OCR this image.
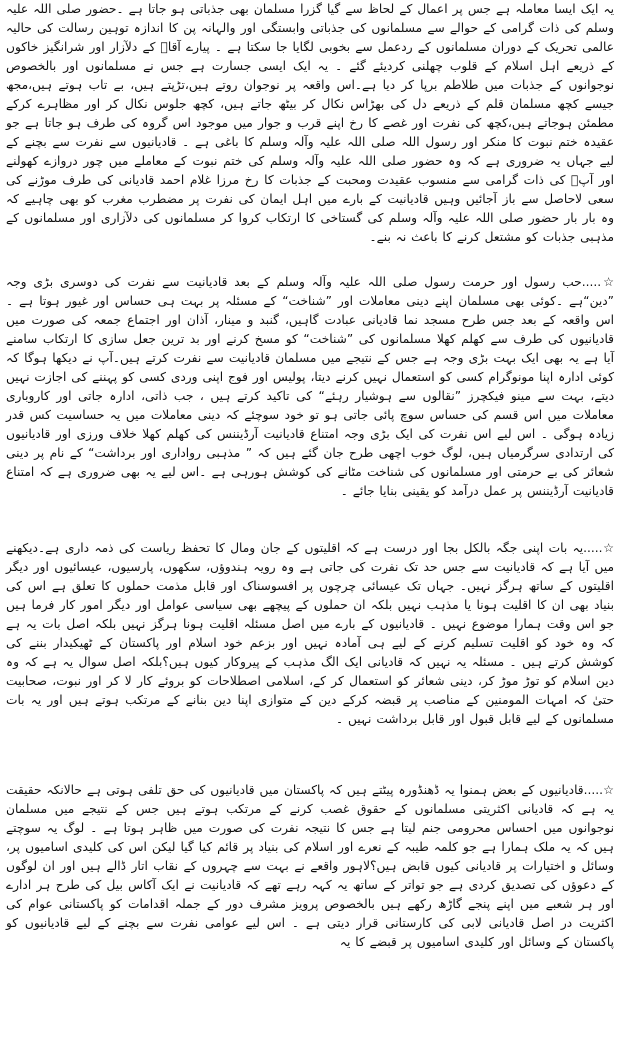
یہ ایک ایسا معاملہ ہے جس پر اعمال کے لحاظ سے گیا گزرا مسلمان بھی جذباتی ہو جاتا ہے ۔حضور صلی اللہ علیہ وسلم کی ذات گرامی کے حوالے سے مسلمانوں کی جذباتی وابستگی اور والہانہ پن کا اندازہ توہین رسالت کی حالیہ عالمی تحریک کے دوران مسلمانوں کے ردعمل سے بخوبی لگایا جا سکتا ہے ۔ پیارے آقاﷺ کے دلآزار اور شرانگیز خاکوں کے ذریعے اہل اسلام کے قلوب چھلنی کردیئے گئے ۔ یہ ایک ایسی جسارت ہے جس نے مسلمانوں اور بالخصوص نوجوانوں کے جذبات میں طلاطم برپا کر دیا ہے۔اس واقعہ پر نوجوان روتے ہیں،تڑپتے ہیں، بے تاب ہوتے ہیں،مجھ جیسے کچھ مسلمان قلم کے ذریعے دل کی بھڑاس نکال کر بیٹھ جاتے ہیں، کچھ جلوس نکال کر اور مظاہرے کرکے مطمئن ہوجاتے ہیں،کچھ کی نفرت اور غصے کا رخ اپنے قرب و جوار میں موجود اس گروہ کی طرف ہو جاتا ہے جو عقیدہ ختم نبوت کا منکر اور رسول اللہ صلی اللہ علیہ وآلہ وسلم کا باغی ہے ۔ قادیانیوں سے نفرت سے بچنے کے لیے جہاں یہ ضروری ہے کہ وہ حضور صلی اللہ علیہ وآلہ وسلم کی ختم نبوت کے معاملے میں چور دروازے کھولنے اور آپؐ کی ذات گرامی سے منسوب عقیدت ومحبت کے جذبات کا رخ مرزا غلام احمد قادیانی کی طرف موڑنے کی سعی لاحاصل سے باز آجائیں وہیں قادیانیت کے بارے میں اہل ایمان کی نفرت پر مضطرب مغرب کو بھی چاہیے کہ وہ بار بار حضور صلی اللہ علیہ وآلہ وسلم کی گستاخی کا ارتکاب کروا کر مسلمانوں کی دلآزاری اور مسلمانوں کے مذہبی جذبات کو مشتعل کرنے کا باعث نہ بنے۔

☆.....حب رسول اور حرمت رسول صلی اللہ علیہ وآلہ وسلم کے بعد قادیانیت سے نفرت کی دوسری بڑی وجہ ”دین“ہے ۔کوئی بھی مسلمان اپنے دینی معاملات اور ”شناخت“ کے مسئلہ پر بہت ہی حساس اور غیور ہوتا ہے ۔ اس واقعہ کے بعد جس طرح مسجد نما قادیانی عبادت گاہیں، گنبد و مینار، آذان اور اجتماع جمعہ کی صورت میں قادیانیوں کی طرف سے کھلم کھلا مسلمانوں کی ”شناخت“ کو مسخ کرنے اور بد ترین جعل سازی کا ارتکاب سامنے آیا ہے یہ بھی ایک بہت بڑی وجہ ہے جس کے نتیجے میں مسلمان قادیانیت سے نفرت کرتے ہیں۔آپ نے دیکھا ہوگا کہ کوئی ادارہ اپنا مونوگرام کسی کو استعمال نہیں کرنے دیتا، پولیس اور فوج اپنی وردی کسی کو پہننے کی اجازت نہیں دیتے، بہت سے مینو فیکچرز ”نقالوں سے ہوشیار رہئے“ کی تاکید کرتے ہیں ، جب ذاتی، ادارہ جاتی اور کاروباری معاملات میں اس قسم کی حساس سوچ پائی جاتی ہو تو خود سوچئے کہ دینی معاملات میں یہ حساسیت کس قدر زیادہ ہوگی ۔ اس لیے اس نفرت کی ایک بڑی وجہ امتناع قادیانیت آرڈیننس کی کھلم کھلا خلاف ورزی اور قادیانیوں کی ارتدادی سرگرمیاں ہیں، لوگ خوب اچھی طرح جان گئے ہیں کہ ” مذہبی رواداری اور برداشت“ کے نام پر دینی شعائر کی بے حرمتی اور مسلمانوں کی شناخت مٹانے کی کوشش ہورہی ہے ۔اس لیے یہ بھی ضروری ہے کہ امتناع قادیانیت آرڈیننس پر عمل درآمد کو یقینی بنایا جائے ۔

☆.....یہ بات اپنی جگہ بالکل بجا اور درست ہے کہ اقلیتوں کے جان ومال کا تحفظ ریاست کی ذمہ داری ہے۔دیکھنے میں آیا ہے کہ قادیانیت سے جس حد تک نفرت کی جاتی ہے وہ رویہ ہندوؤں، سکھوں، پارسیوں، عیسائیوں اور دیگر اقلیتوں کے ساتھ ہرگز نہیں۔ جہاں تک عیسائی چرچوں پر افسوسناک اور قابل مذمت حملوں کا تعلق ہے اس کی بنیاد بھی ان کا اقلیت ہونا یا مذہب نہیں بلکہ ان حملوں کے پیچھے بھی سیاسی عوامل اور دیگر امور کار فرما ہیں جو اس وقت ہمارا موضوع نہیں ۔ قادیانیوں کے بارے میں اصل مسئلہ اقلیت ہونا ہرگز نہیں بلکہ اصل بات یہ ہے کہ وہ خود کو اقلیت تسلیم کرنے کے لیے ہی آمادہ نہیں اور بزعم خود اسلام اور پاکستان کے ٹھیکیدار بننے کی کوشش کرتے ہیں ۔ مسئلہ یہ نہیں کہ قادیانی ایک الگ مذہب کے پیروکار کیوں ہیں؟بلکہ اصل سوال یہ ہے کہ وہ دین اسلام کو توڑ موڑ کر، دینی شعائر کو استعمال کر کے، اسلامی اصطلاحات کو بروئے کار لا کر اور نبوت، صحابیت حتیٰ کہ امہات المومنین کے مناصب پر قبضہ کرکے دین کے متوازی اپنا دین بنانے کے مرتکب ہوتے ہیں اور یہ بات مسلمانوں کے لیے قابل قبول اور قابل برداشت نہیں ۔

☆.....قادیانیوں کے بعض ہمنوا یہ ڈھنڈورہ پیٹتے ہیں کہ پاکستان میں قادیانیوں کی حق تلفی ہوتی ہے حالانکہ حقیقت یہ ہے کہ قادیانی اکثریتی مسلمانوں کے حقوق غصب کرنے کے مرتکب ہوتے ہیں جس کے نتیجے میں مسلمان نوجوانوں میں احساس محرومی جنم لیتا ہے جس کا نتیجہ نفرت کی صورت میں ظاہر ہوتا ہے ۔ لوگ یہ سوچتے ہیں کہ یہ ملک ہمارا ہے جو کلمہ طیبہ کے نعرے اور اسلام کی بنیاد پر قائم کیا گیا لیکن اس کی کلیدی اسامیوں پر، وسائل و اختیارات پر قادیانی کیوں قابض ہیں؟لاہور واقعے نے بہت سے چہروں کے نقاب اتار ڈالے ہیں اور ان لوگوں کے دعوؤں کی تصدیق کردی ہے جو تواتر کے ساتھ یہ کہہ رہے تھے کہ قادیانیت نے ایک آکاس بیل کی طرح ہر ادارے اور ہر شعبے میں اپنے پنجے گاڑھ رکھے ہیں بالخصوص پرویز مشرف دور کے جملہ اقدامات کو پاکستانی عوام کی اکثریت در اصل قادیانی لابی کی کارستانی قرار دیتی ہے ۔ اس لیے عوامی نفرت سے بچنے کے لیے قادیانیوں کو پاکستان کے وسائل اور کلیدی اسامیوں پر قبضے کا یہ
